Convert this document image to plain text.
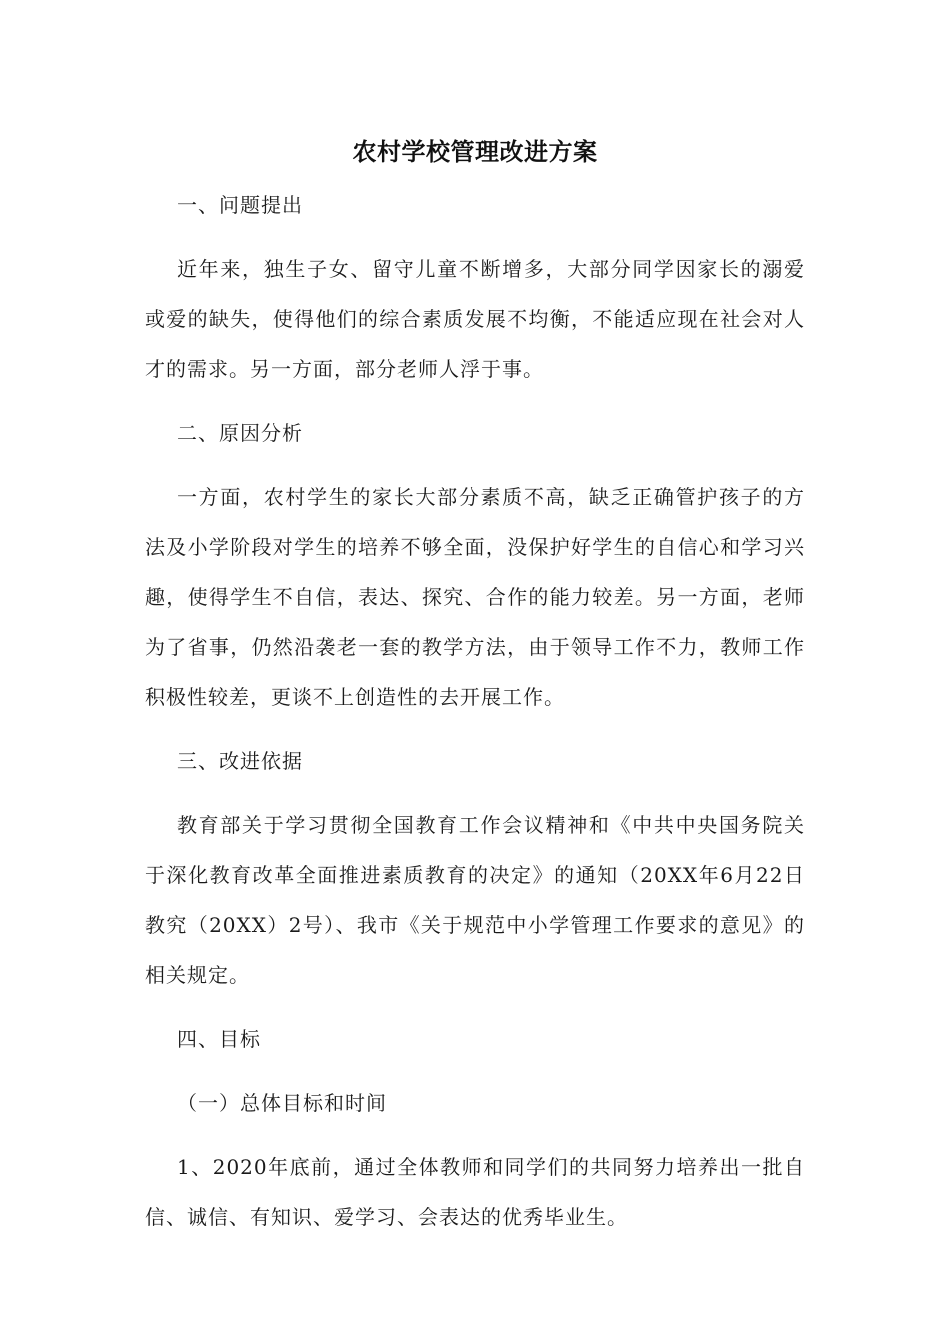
农村学校管理改进方案
一、问题提出

近年来，独生子女、留守儿童不断增多，大部分同学因家长的溺爱或爱的缺失，使得他们的综合素质发展不均衡，不能适应现在社会对人才的需求。另一方面，部分老师人浮于事。

二、原因分析

一方面，农村学生的家长大部分素质不高，缺乏正确管护孩子的方法及小学阶段对学生的培养不够全面，没保护好学生的自信心和学习兴趣，使得学生不自信，表达、探究、合作的能力较差。另一方面，老师为了省事，仍然沿袭老一套的教学方法，由于领导工作不力，教师工作积极性较差，更谈不上创造性的去开展工作。

三、改进依据

教育部关于学习贯彻全国教育工作会议精神和《中共中央国务院关于深化教育改革全面推进素质教育的决定》的通知（20XX年6月22日教究（20XX）2号）、我市《关于规范中小学管理工作要求的意见》的相关规定。

四、目标
（一）总体目标和时间

1、2020年底前，通过全体教师和同学们的共同努力培养出一批自信、诚信、有知识、爱学习、会表达的优秀毕业生。
